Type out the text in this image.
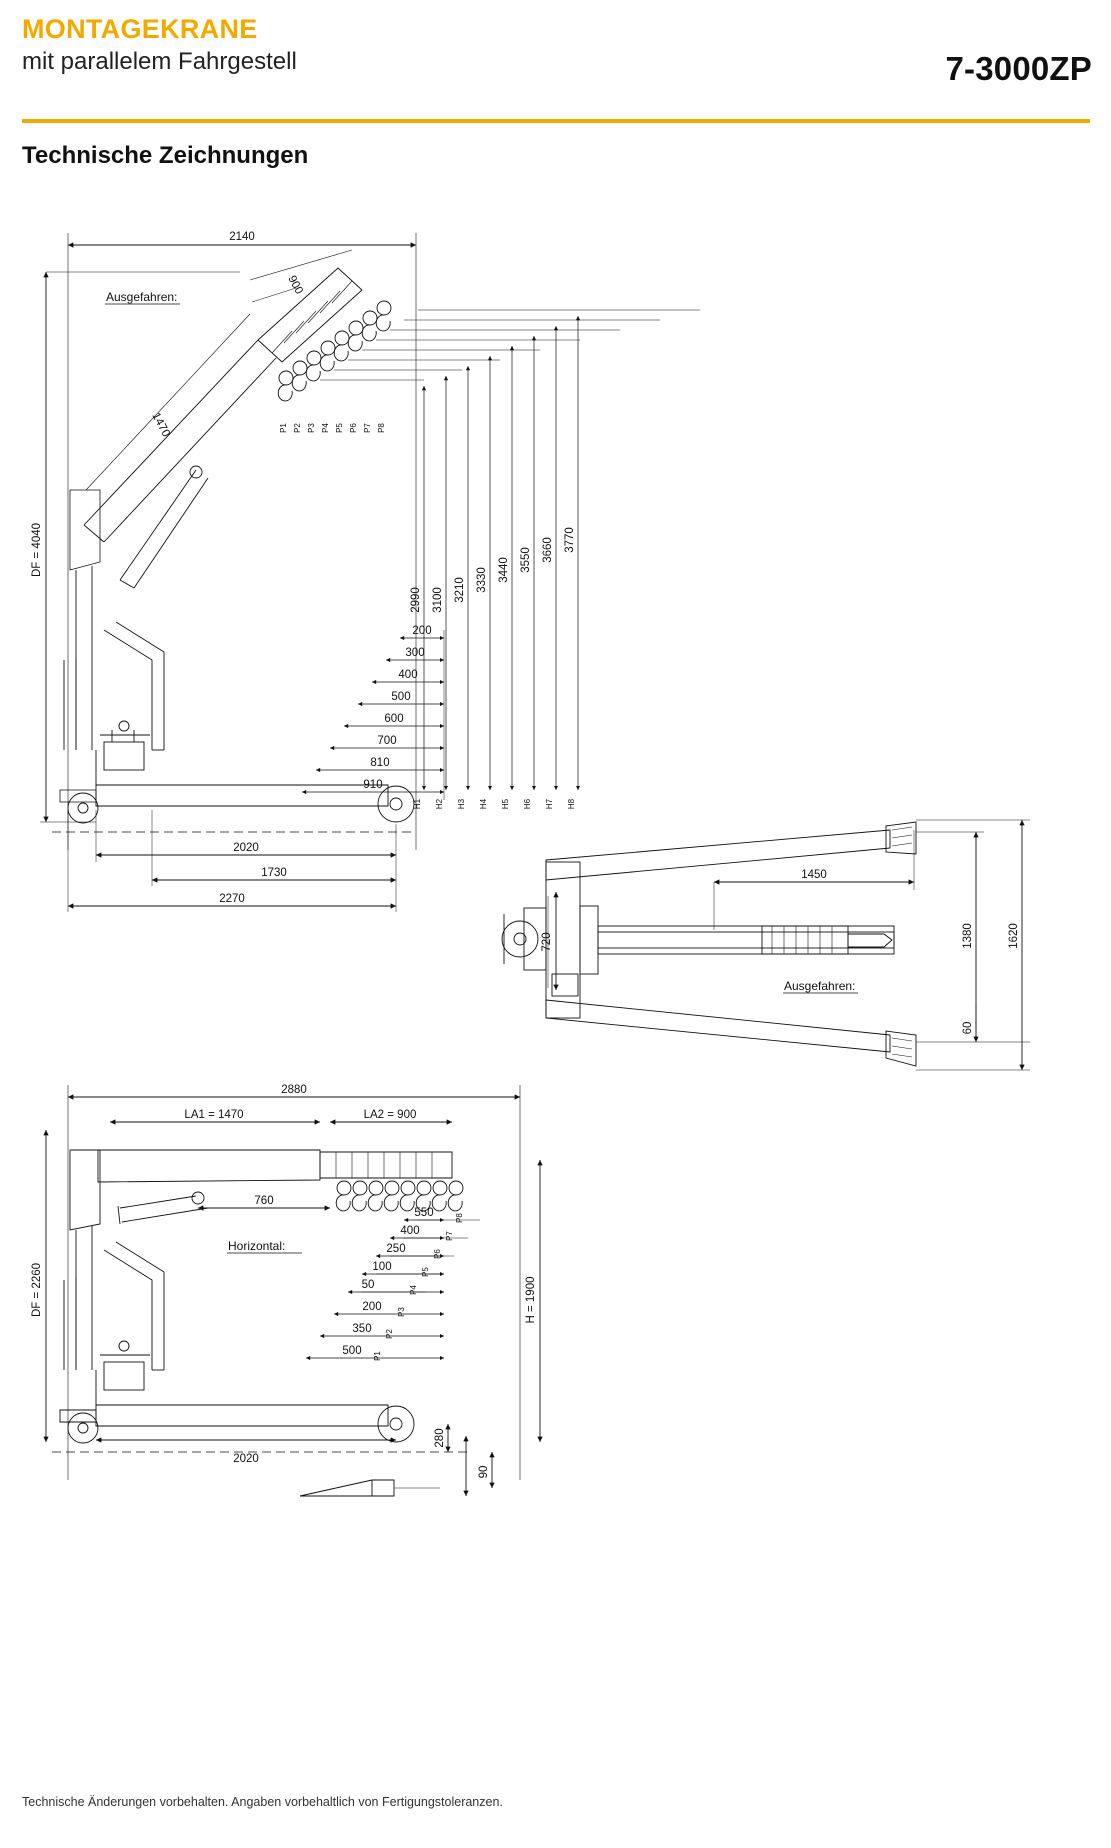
MONTAGEKRANE
mit parallelem Fahrgestell	7-3000ZP
Technische Zeichnungen
2140
Ausgefahren:
900
1470
DF = 4040
P1 P2 P3 P4 P5 P6 P7 P8
200
300
400
500
600
700
810
910
2990 3100 3210 3330 3440 3550 3660 3770
H1 H2 H3 H4 H5 H6 H7 H8
2020
1730
2270
1450
720	1380	1620
60
Ausgefahren:
2880
LA1 = 1470	LA2 = 900
760
Horizontal:
DF = 2260	H = 1900
550
400
250
100
50
200
350
500
P8
P7
P6
P5
P4
P3
P2
P1
2020
280
90
Technische Änderungen vorbehalten. Angaben vorbehaltlich von Fertigungstoleranzen.
